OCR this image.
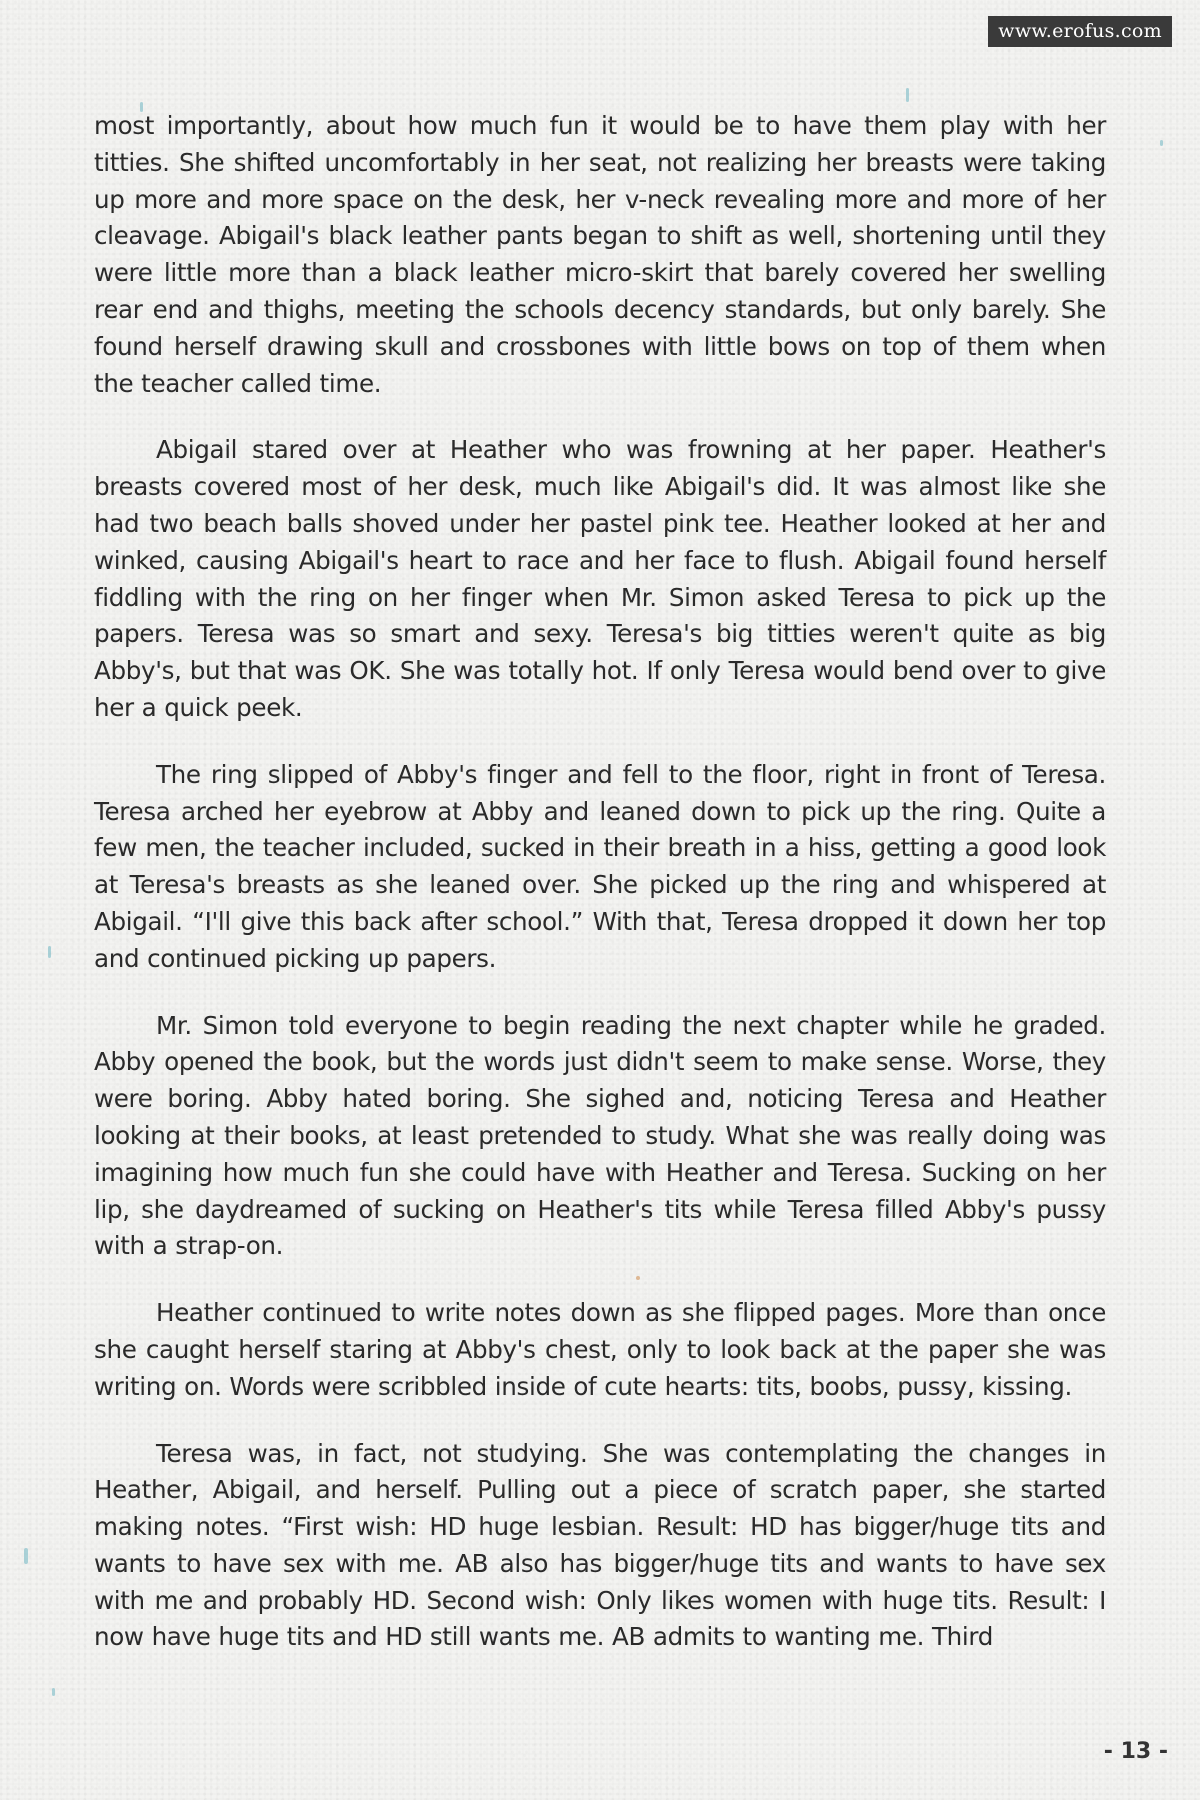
www.erofus.com

most importantly, about how much fun it would be to have them play with her titties. She shifted uncomfortably in her seat, not realizing her breasts were taking up more and more space on the desk, her v-neck revealing more and more of her cleavage. Abigail's black leather pants began to shift as well, shortening until they were little more than a black leather micro-skirt that barely covered her swelling rear end and thighs, meeting the schools decency standards, but only barely. She found herself drawing skull and crossbones with little bows on top of them when the teacher called time.

Abigail stared over at Heather who was frowning at her paper. Heather's breasts covered most of her desk, much like Abigail's did. It was almost like she had two beach balls shoved under her pastel pink tee. Heather looked at her and winked, causing Abigail's heart to race and her face to flush. Abigail found herself fiddling with the ring on her finger when Mr. Simon asked Teresa to pick up the papers. Teresa was so smart and sexy. Teresa's big titties weren't quite as big Abby's, but that was OK. She was totally hot. If only Teresa would bend over to give her a quick peek.

The ring slipped of Abby's finger and fell to the floor, right in front of Teresa. Teresa arched her eyebrow at Abby and leaned down to pick up the ring. Quite a few men, the teacher included, sucked in their breath in a hiss, getting a good look at Teresa's breasts as she leaned over. She picked up the ring and whispered at Abigail. “I'll give this back after school.” With that, Teresa dropped it down her top and continued picking up papers.

Mr. Simon told everyone to begin reading the next chapter while he graded. Abby opened the book, but the words just didn't seem to make sense. Worse, they were boring. Abby hated boring. She sighed and, noticing Teresa and Heather looking at their books, at least pretended to study. What she was really doing was imagining how much fun she could have with Heather and Teresa. Sucking on her lip, she daydreamed of sucking on Heather's tits while Teresa filled Abby's pussy with a strap-on.

Heather continued to write notes down as she flipped pages. More than once she caught herself staring at Abby's chest, only to look back at the paper she was writing on. Words were scribbled inside of cute hearts: tits, boobs, pussy, kissing.

Teresa was, in fact, not studying. She was contemplating the changes in Heather, Abigail, and herself. Pulling out a piece of scratch paper, she started making notes. “First wish: HD huge lesbian. Result: HD has bigger/huge tits and wants to have sex with me. AB also has bigger/huge tits and wants to have sex with me and probably HD. Second wish: Only likes women with huge tits. Result: I now have huge tits and HD still wants me. AB admits to wanting me. Third

- 13 -
